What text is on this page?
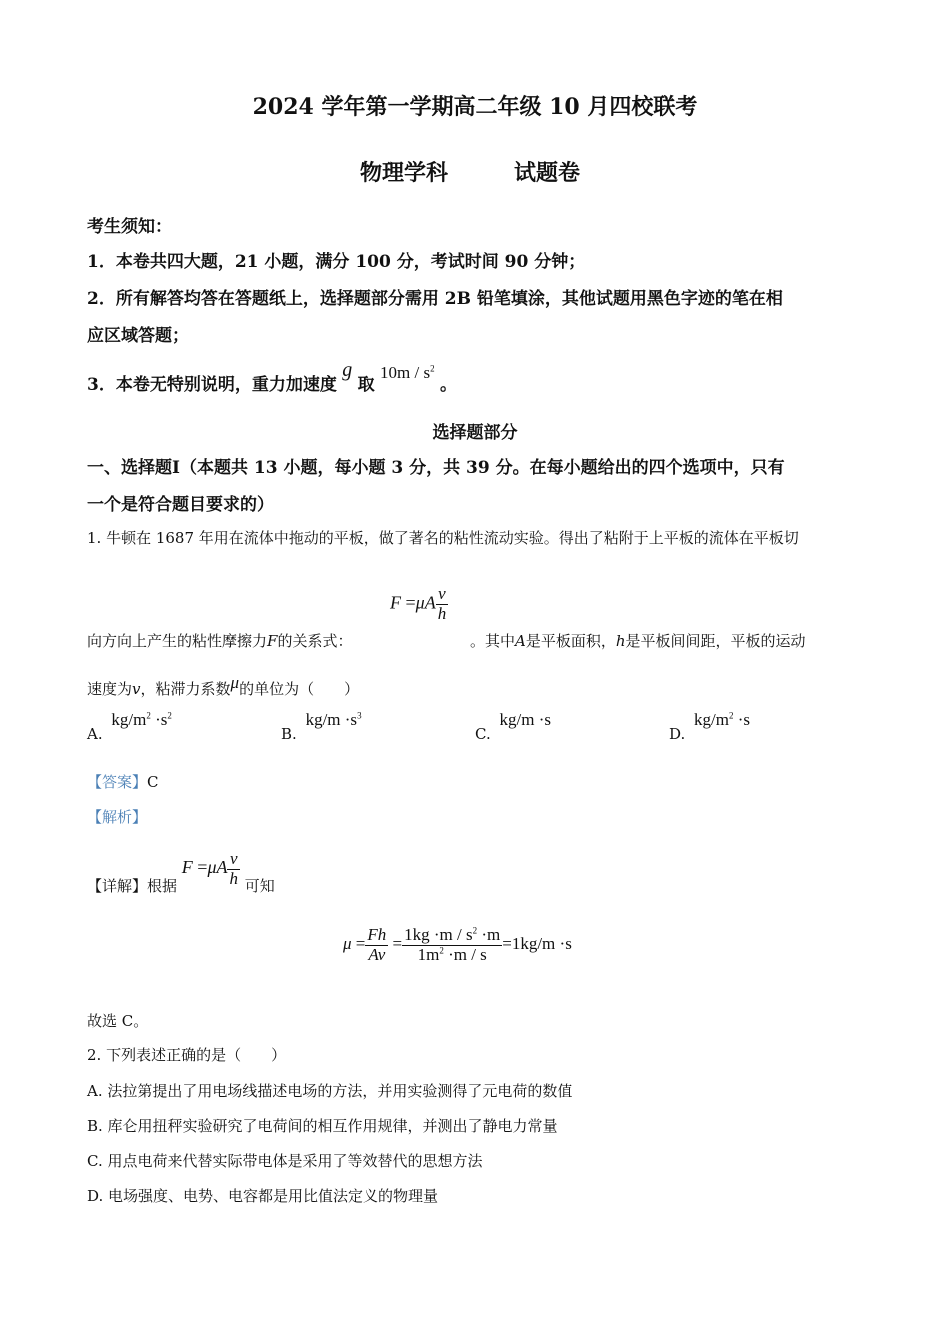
2024 学年第一学期高二年级 10 月四校联考
物理学科	试题卷
考生须知：
1．本卷共四大题，21 小题，满分 100 分，考试时间 90 分钟；
2．所有解答均答在答题纸上，选择题部分需用 2B 铅笔填涂，其他试题用黑色字迹的笔在相
应区域答题；
3．本卷无特别说明，重力加速度 g 取 $10m / s^2$ 。
选择题部分
一、选择题Ⅰ（本题共 13 小题，每小题 3 分，共 39 分。在每小题给出的四个选项中，只有
一个是符合题目要求的）
1. 牛顿在 1687 年用在流体中拖动的平板，做了著名的粘性流动实验。得出了粘附于上平板的流体在平板切
$F =\mu A \frac{v}{h}$
向方向上产生的粘性摩擦力F的关系式：	。其中A是平板面积，h是平板间间距，平板的运动
速度为v，粘滞力系数μ的单位为（　　）
A. $kg/m^2 \cdot s^2$
B. $kg/m \cdot s^3$
C. kg/m ·s
D. $kg/m^2 \cdot s$
【答案】C
【解析】
【详解】根据 $F =\mu A \frac{v}{h}$ 可知
$\mu = \frac{Fh}{Av} = \frac{1kg \cdot m / s^2 \cdot m}{1m^2 \cdot m / s} =1kg/m \cdot s$
故选 C。
2. 下列表述正确的是（　　）
A. 法拉第提出了用电场线描述电场的方法，并用实验测得了元电荷的数值
B. 库仑用扭秤实验研究了电荷间的相互作用规律，并测出了静电力常量
C. 用点电荷来代替实际带电体是采用了等效替代的思想方法
D. 电场强度、电势、电容都是用比值法定义的物理量
